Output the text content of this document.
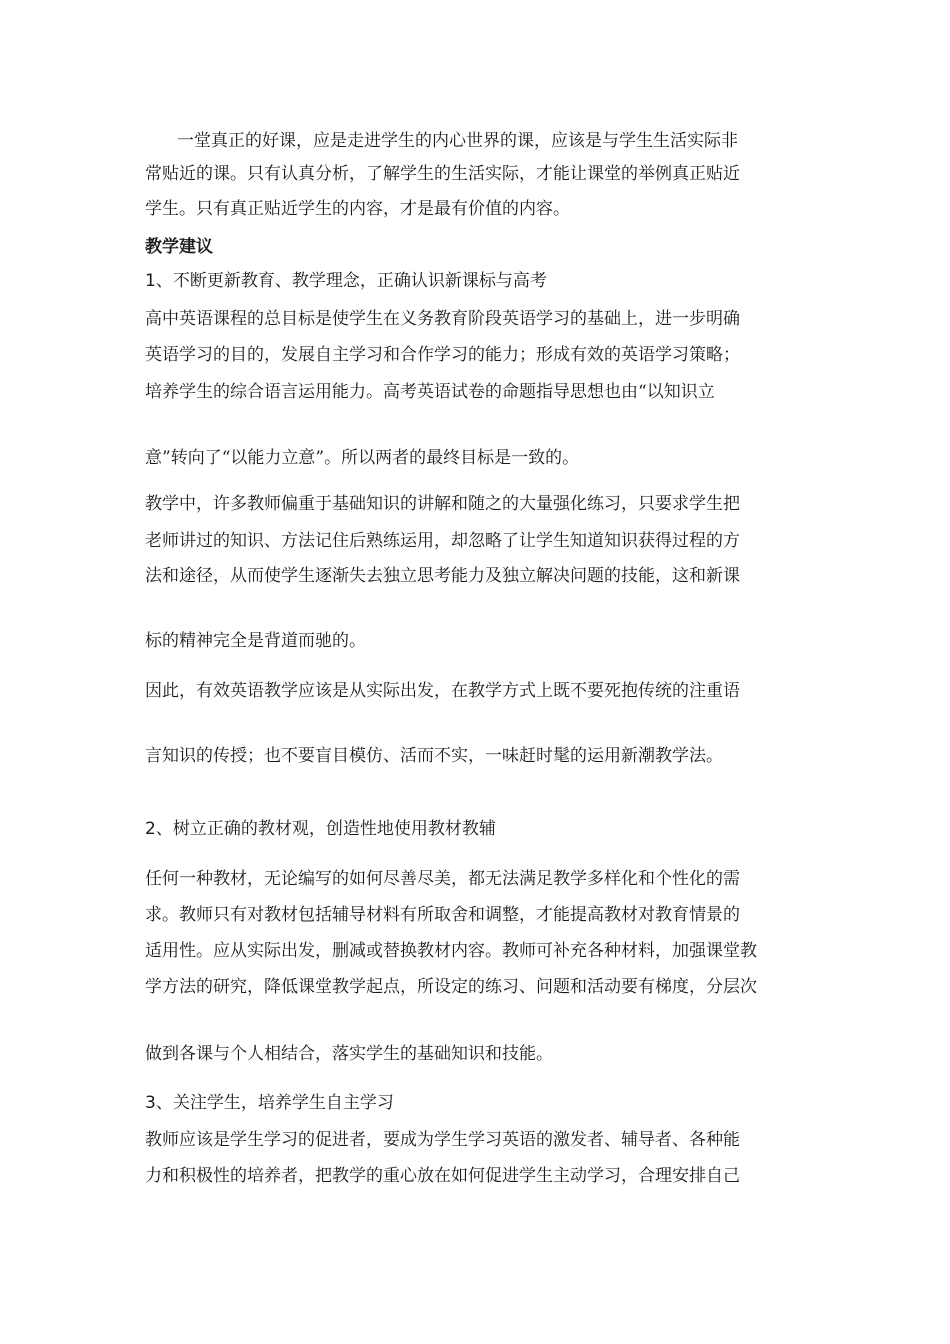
一堂真正的好课，应是走进学生的内心世界的课，应该是与学生生活实际非
常贴近的课。只有认真分析，了解学生的生活实际，才能让课堂的举例真正贴近
学生。只有真正贴近学生的内容，才是最有价值的内容。
教学建议
1、不断更新教育、教学理念，正确认识新课标与高考
高中英语课程的总目标是使学生在义务教育阶段英语学习的基础上，进一步明确
英语学习的目的，发展自主学习和合作学习的能力；形成有效的英语学习策略；
培养学生的综合语言运用能力。高考英语试卷的命题指导思想也由“以知识立
意”转向了“以能力立意”。所以两者的最终目标是一致的。
教学中，许多教师偏重于基础知识的讲解和随之的大量强化练习，只要求学生把
老师讲过的知识、方法记住后熟练运用，却忽略了让学生知道知识获得过程的方
法和途径，从而使学生逐渐失去独立思考能力及独立解决问题的技能，这和新课
标的精神完全是背道而驰的。
因此，有效英语教学应该是从实际出发，在教学方式上既不要死抱传统的注重语
言知识的传授；也不要盲目模仿、活而不实，一味赶时髦的运用新潮教学法。
2、树立正确的教材观，创造性地使用教材教辅
任何一种教材，无论编写的如何尽善尽美，都无法满足教学多样化和个性化的需
求。教师只有对教材包括辅导材料有所取舍和调整，才能提高教材对教育情景的
适用性。应从实际出发，删减或替换教材内容。教师可补充各种材料，加强课堂教
学方法的研究，降低课堂教学起点，所设定的练习、问题和活动要有梯度，分层次
做到各课与个人相结合，落实学生的基础知识和技能。
3、关注学生，培养学生自主学习
教师应该是学生学习的促进者，要成为学生学习英语的激发者、辅导者、各种能
力和积极性的培养者，把教学的重心放在如何促进学生主动学习，合理安排自己
